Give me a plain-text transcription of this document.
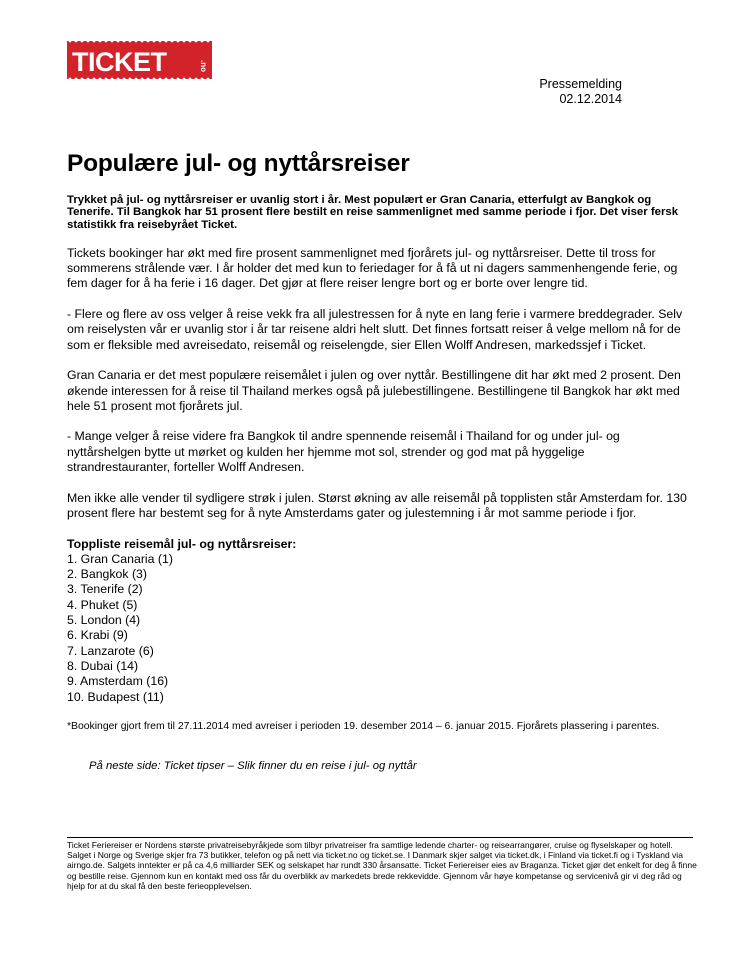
TICKET	.no
Pressemelding
02.12.2014
Populære jul- og nyttårsreiser

Trykket på jul- og nyttårsreiser er uvanlig stort i år. Mest populært er Gran Canaria, etterfulgt av Bangkok og Tenerife. Til Bangkok har 51 prosent flere bestilt en reise sammenlignet med samme periode i fjor. Det viser fersk statistikk fra reisebyrået Ticket.

Tickets bookinger har økt med fire prosent sammenlignet med fjorårets jul- og nyttårsreiser. Dette til tross for sommerens strålende vær. I år holder det med kun to feriedager for å få ut ni dagers sammenhengende ferie, og fem dager for å ha ferie i 16 dager. Det gjør at flere reiser lengre bort og er borte over lengre tid.

- Flere og flere av oss velger å reise vekk fra all julestressen for å nyte en lang ferie i varmere breddegrader. Selv om reiselysten vår er uvanlig stor i år tar reisene aldri helt slutt. Det finnes fortsatt reiser å velge mellom nå for de som er fleksible med avreisedato, reisemål og reiselengde, sier Ellen Wolff Andresen, markedssjef i Ticket.

Gran Canaria er det mest populære reisemålet i julen og over nyttår. Bestillingene dit har økt med 2 prosent. Den økende interessen for å reise til Thailand merkes også på julebestillingene. Bestillingene til Bangkok har økt med hele 51 prosent mot fjorårets jul.

- Mange velger å reise videre fra Bangkok til andre spennende reisemål i Thailand for og under jul- og nyttårshelgen bytte ut mørket og kulden her hjemme mot sol, strender og god mat på hyggelige strandrestauranter, forteller Wolff Andresen.

Men ikke alle vender til sydligere strøk i julen. Størst økning av alle reisemål på topplisten står Amsterdam for. 130 prosent flere har bestemt seg for å nyte Amsterdams gater og julestemning i år mot samme periode i fjor.

Toppliste reisemål jul- og nyttårsreiser:

1. Gran Canaria (1)
2. Bangkok (3)
3. Tenerife (2)
4. Phuket (5)
5. London (4)
6. Krabi (9)
7. Lanzarote (6)
8. Dubai (14)
9. Amsterdam (16)
10. Budapest (11)

*Bookinger gjort frem til 27.11.2014 med avreiser i perioden 19. desember 2014 – 6. januar 2015. Fjorårets plassering i parentes.

På neste side: Ticket tipser – Slik finner du en reise i jul- og nyttår
Ticket Feriereiser er Nordens største privatreisebyråkjede som tilbyr privatreiser fra samtlige ledende charter- og reisearrangører, cruise og flyselskaper og hotell. Salget i Norge og Sverige skjer fra 73 butikker, telefon og på nett via ticket.no og ticket.se. I Danmark skjer salget via ticket.dk, i Finland via ticket.fi og i Tyskland via airngo.de. Salgets inntekter er på ca 4,6 milliarder SEK og selskapet har rundt 330 årsansatte. Ticket Feriereiser eies av Braganza. Ticket gjør det enkelt for deg å finne og bestille reise. Gjennom kun en kontakt med oss får du overblikk av markedets brede rekkevidde. Gjennom vår høye kompetanse og servicenivå gir vi deg råd og hjelp for at du skal få den beste ferieopplevelsen.
